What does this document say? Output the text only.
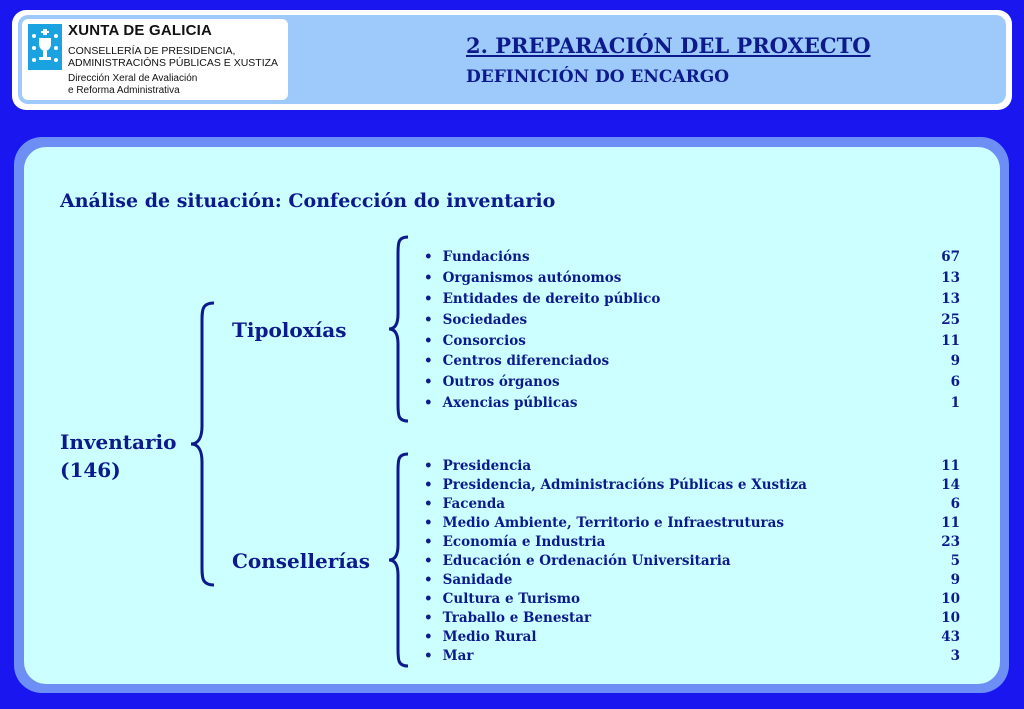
XUNTA DE GALICIA
CONSELLERÍA DE PRESIDENCIA,
ADMINISTRACIÓNS PÚBLICAS E XUSTIZA
Dirección Xeral de Avaliación
e Reforma Administrativa
2. PREPARACIÓN DEL PROXECTO
DEFINICIÓN DO ENCARGO
Análise de situación: Confección do inventario
Inventario
(146)
Tipoloxías
Consellerías
• Fundacións	67
• Organismos autónomos	13
• Entidades de dereito público	13
• Sociedades	25
• Consorcios	11
• Centros diferenciados	9
• Outros órganos	6
• Axencias públicas	1
• Presidencia	11
• Presidencia, Administracións Públicas e Xustiza	14
• Facenda	6
• Medio Ambiente, Territorio e Infraestruturas	11
• Economía e Industria	23
• Educación e Ordenación Universitaria	5
• Sanidade	9
• Cultura e Turismo	10
• Traballo e Benestar	10
• Medio Rural	43
• Mar	3
